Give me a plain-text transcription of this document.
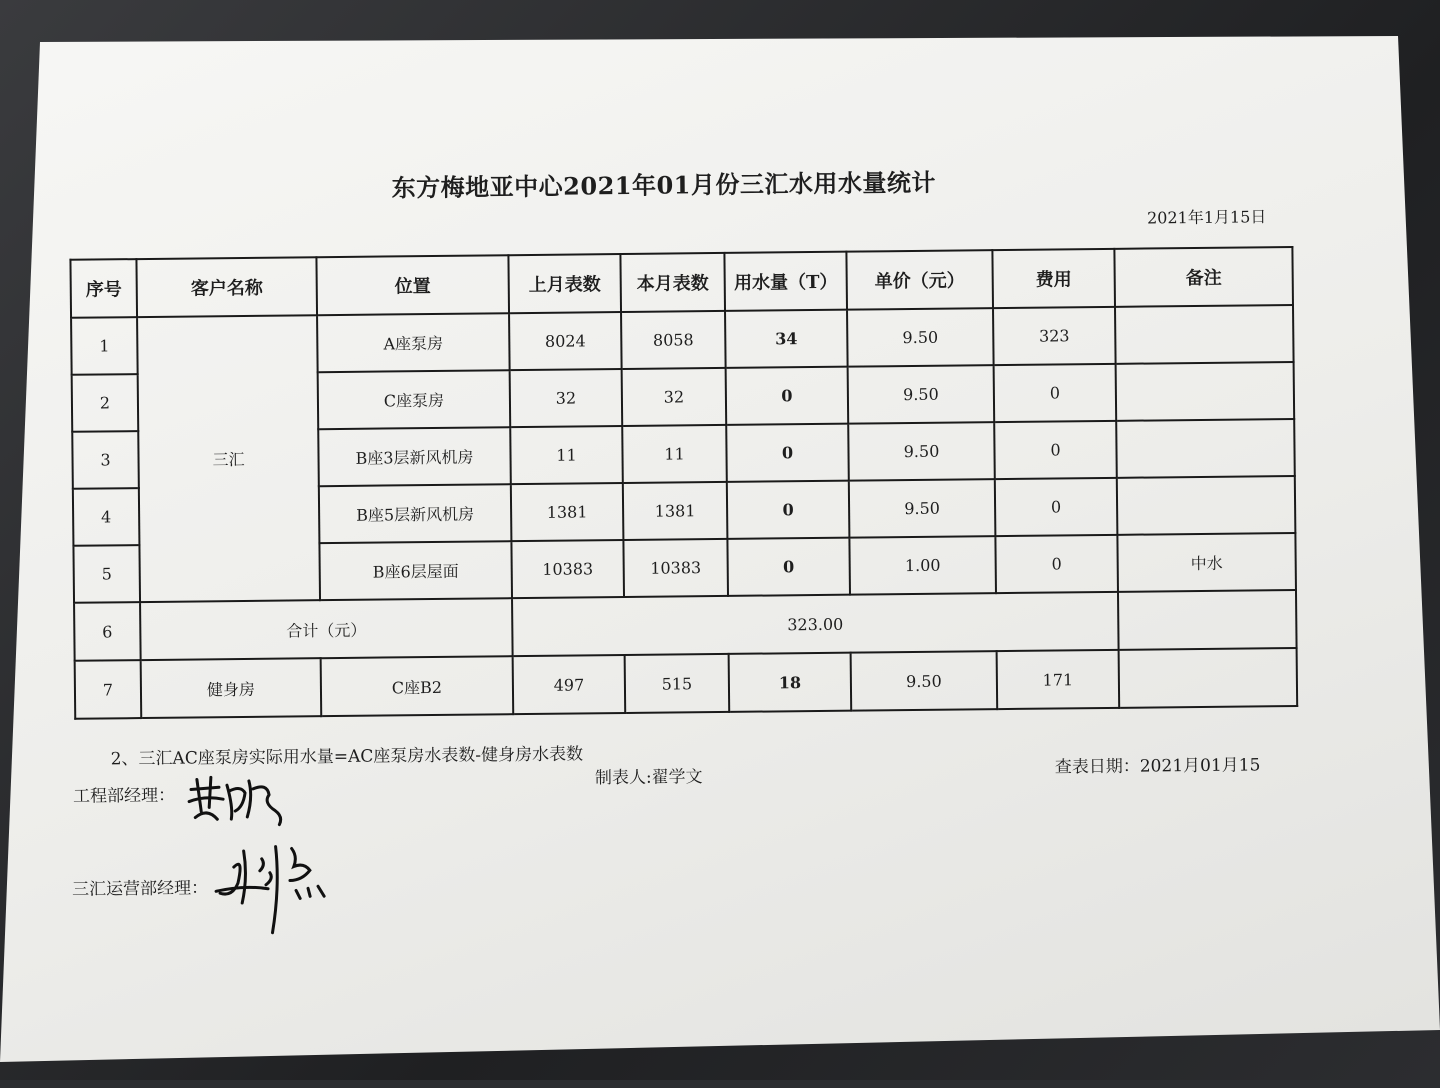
东方梅地亚中心2021年01月份三汇水用水量统计
2021年1月15日
序号	客户名称	位置	上月表数	本月表数	用水量（T）	单价（元）	费用	备注
1	三汇	A座泵房	8024	8058	34	9.50	323	
2		C座泵房	32	32	0	9.50	0	
3		B座3层新风机房	11	11	0	9.50	0	
4		B座5层新风机房	1381	1381	0	9.50	0	
5		B座6层屋面	10383	10383	0	1.00	0	中水
6	合计（元）		323.00					
7	健身房	C座B2	497	515	18	9.50	171	
2、三汇AC座泵房实际用水量=AC座泵房水表数-健身房水表数
制表人:翟学文
查表日期：2021月01月15
工程部经理：
三汇运营部经理：
